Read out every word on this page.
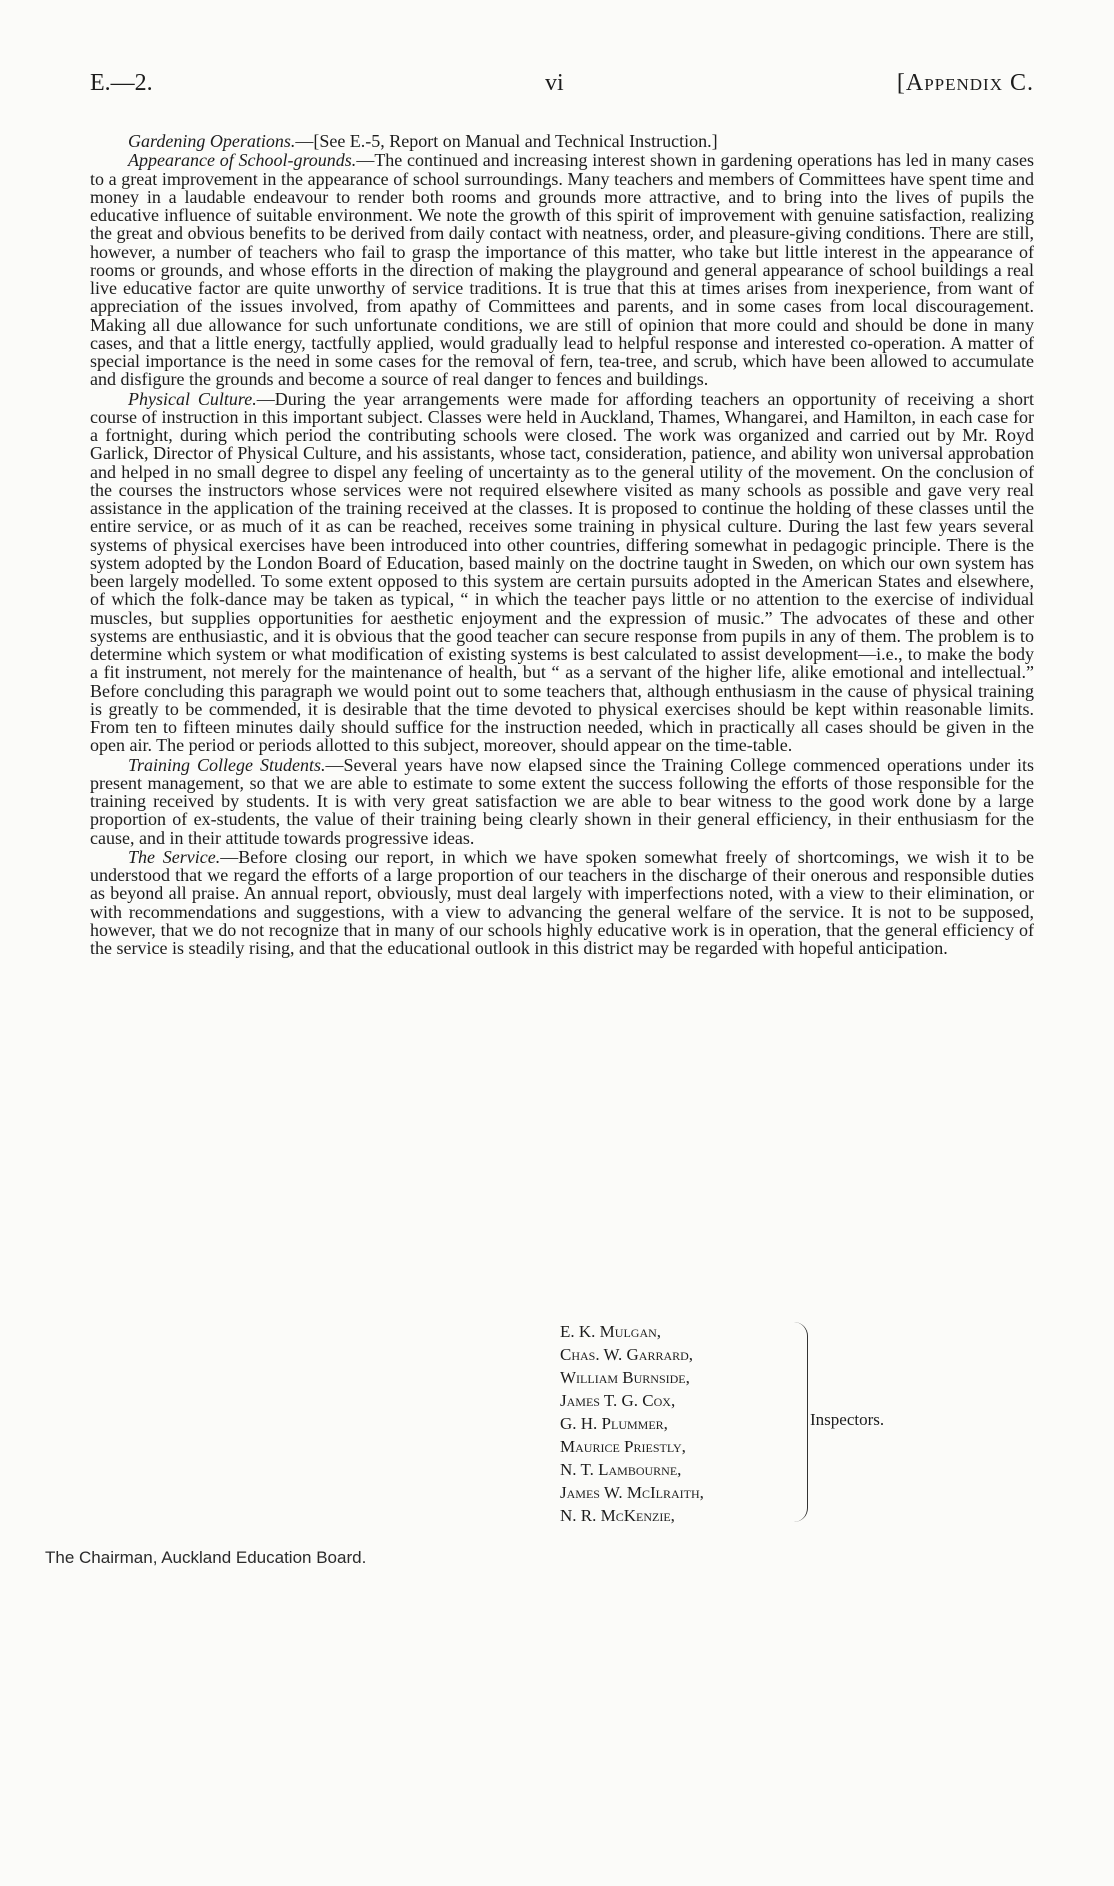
E.—2.	vi	[Appendix C.

Gardening Operations.—[See E.-5, Report on Manual and Technical Instruction.]

Appearance of School-grounds.—The continued and increasing interest shown in gardening operations has led in many cases to a great improvement in the appearance of school surroundings. Many teachers and members of Committees have spent time and money in a laudable endeavour to render both rooms and grounds more attractive, and to bring into the lives of pupils the educative influence of suitable environment. We note the growth of this spirit of improvement with genuine satisfaction, realizing the great and obvious benefits to be derived from daily contact with neatness, order, and pleasure-giving conditions. There are still, however, a number of teachers who fail to grasp the importance of this matter, who take but little interest in the appearance of rooms or grounds, and whose efforts in the direction of making the playground and general appearance of school buildings a real live educative factor are quite unworthy of service traditions. It is true that this at times arises from inexperience, from want of appreciation of the issues involved, from apathy of Committees and parents, and in some cases from local discouragement. Making all due allowance for such unfortunate conditions, we are still of opinion that more could and should be done in many cases, and that a little energy, tactfully applied, would gradually lead to helpful response and interested co-operation. A matter of special importance is the need in some cases for the removal of fern, tea-tree, and scrub, which have been allowed to accumulate and disfigure the grounds and become a source of real danger to fences and buildings.

Physical Culture.—During the year arrangements were made for affording teachers an opportunity of receiving a short course of instruction in this important subject. Classes were held in Auckland, Thames, Whangarei, and Hamilton, in each case for a fortnight, during which period the contributing schools were closed. The work was organized and carried out by Mr. Royd Garlick, Director of Physical Culture, and his assistants, whose tact, consideration, patience, and ability won universal approbation and helped in no small degree to dispel any feeling of uncertainty as to the general utility of the movement. On the conclusion of the courses the instructors whose services were not required elsewhere visited as many schools as possible and gave very real assistance in the application of the training received at the classes. It is proposed to continue the holding of these classes until the entire service, or as much of it as can be reached, receives some training in physical culture. During the last few years several systems of physical exercises have been introduced into other countries, differing somewhat in pedagogic principle. There is the system adopted by the London Board of Education, based mainly on the doctrine taught in Sweden, on which our own system has been largely modelled. To some extent opposed to this system are certain pursuits adopted in the American States and elsewhere, of which the folk-dance may be taken as typical, “ in which the teacher pays little or no attention to the exercise of individual muscles, but supplies opportunities for aesthetic enjoyment and the expression of music.” The advocates of these and other systems are enthusiastic, and it is obvious that the good teacher can secure response from pupils in any of them. The problem is to determine which system or what modification of existing systems is best calculated to assist development—i.e., to make the body a fit instrument, not merely for the maintenance of health, but “ as a servant of the higher life, alike emotional and intellectual.” Before concluding this paragraph we would point out to some teachers that, although enthusiasm in the cause of physical training is greatly to be commended, it is desirable that the time devoted to physical exercises should be kept within reasonable limits. From ten to fifteen minutes daily should suffice for the instruction needed, which in practically all cases should be given in the open air. The period or periods allotted to this subject, moreover, should appear on the time-table.

Training College Students.—Several years have now elapsed since the Training College commenced operations under its present management, so that we are able to estimate to some extent the success following the efforts of those responsible for the training received by students. It is with very great satisfaction we are able to bear witness to the good work done by a large proportion of ex-students, the value of their training being clearly shown in their general efficiency, in their enthusiasm for the cause, and in their attitude towards progressive ideas.

The Service.—Before closing our report, in which we have spoken somewhat freely of shortcomings, we wish it to be understood that we regard the efforts of a large proportion of our teachers in the discharge of their onerous and responsible duties as beyond all praise. An annual report, obviously, must deal largely with imperfections noted, with a view to their elimination, or with recommendations and suggestions, with a view to advancing the general welfare of the service. It is not to be supposed, however, that we do not recognize that in many of our schools highly educative work is in operation, that the general efficiency of the service is steadily rising, and that the educational outlook in this district may be regarded with hopeful anticipation.

E. K. Mulgan,
Chas. W. Garrard,
William Burnside,
James T. G. Cox,
G. H. Plummer,
Maurice Priestly,
N. T. Lambourne,
James W. McIlraith,
N. R. McKenzie,
Inspectors.
The Chairman, Auckland Education Board.
